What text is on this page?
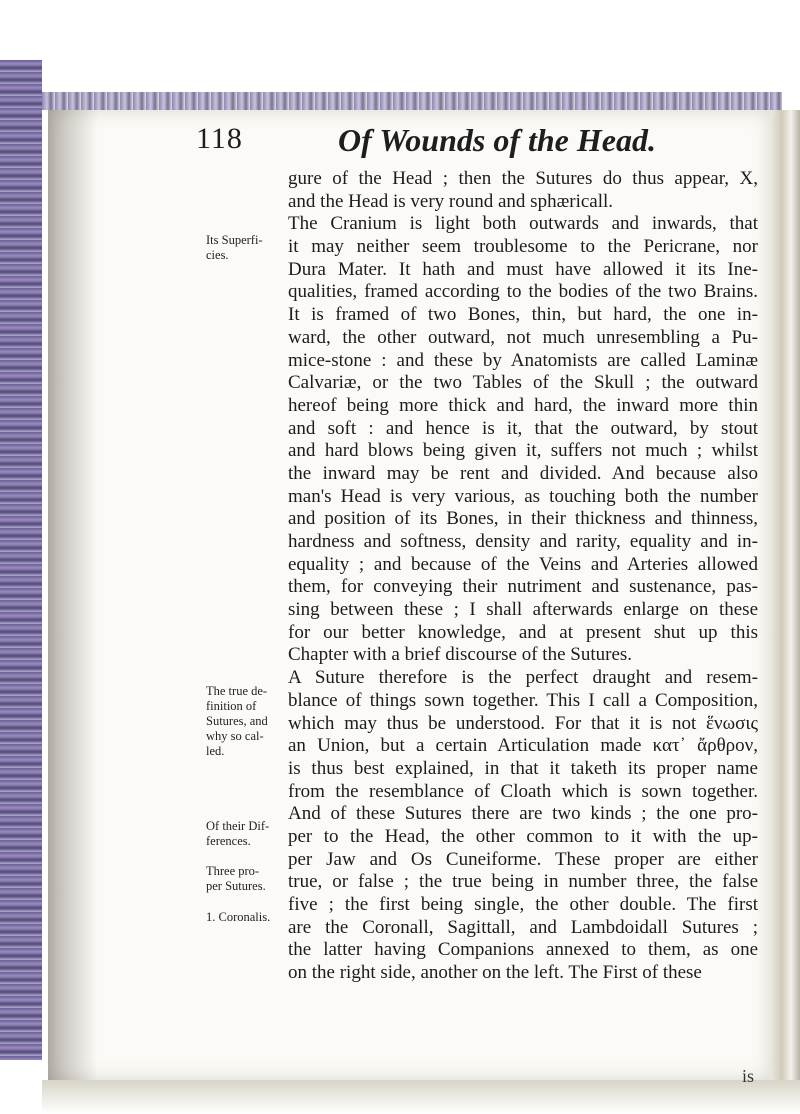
118	Of Wounds of the Head.
Its Superfi-
cies.
The true de-
finition of
Sutures, and
why so cal-
led.
Of their Dif-
ferences.
Three pro-
per Sutures.
1. Coronalis.
gure of the Head ; then the Sutures do thus appear, X,
and the Head is very round and sphæricall.
The Cranium is light both outwards and inwards, that
it may neither seem troublesome to the Pericrane, nor
Dura Mater. It hath and must have allowed it its Ine-
qualities, framed according to the bodies of the two Brains.
It is framed of two Bones, thin, but hard, the one in-
ward, the other outward, not much unresembling a Pu-
mice-stone : and these by Anatomists are called Laminæ
Calvariæ, or the two Tables of the Skull ; the outward
hereof being more thick and hard, the inward more thin
and soft : and hence is it, that the outward, by stout
and hard blows being given it, suffers not much ; whilst
the inward may be rent and divided. And because also
man's Head is very various, as touching both the number
and position of its Bones, in their thickness and thinness,
hardness and softness, density and rarity, equality and in-
equality ; and because of the Veins and Arteries allowed
them, for conveying their nutriment and sustenance, pas-
sing between these ; I shall afterwards enlarge on these
for our better knowledge, and at present shut up this
Chapter with a brief discourse of the Sutures.
A Suture therefore is the perfect draught and resem-
blance of things sown together. This I call a Composition,
which may thus be understood. For that it is not ἕνωσις
an Union, but a certain Articulation made κατ᾽ ἄρθρον,
is thus best explained, in that it taketh its proper name
from the resemblance of Cloath which is sown together.
And of these Sutures there are two kinds ; the one pro-
per to the Head, the other common to it with the up-
per Jaw and Os Cuneiforme. These proper are either
true, or false ; the true being in number three, the false
five ; the first being single, the other double. The first
are the Coronall, Sagittall, and Lambdoidall Sutures ;
the latter having Companions annexed to them, as one
on the right side, another on the left. The First of these
is
